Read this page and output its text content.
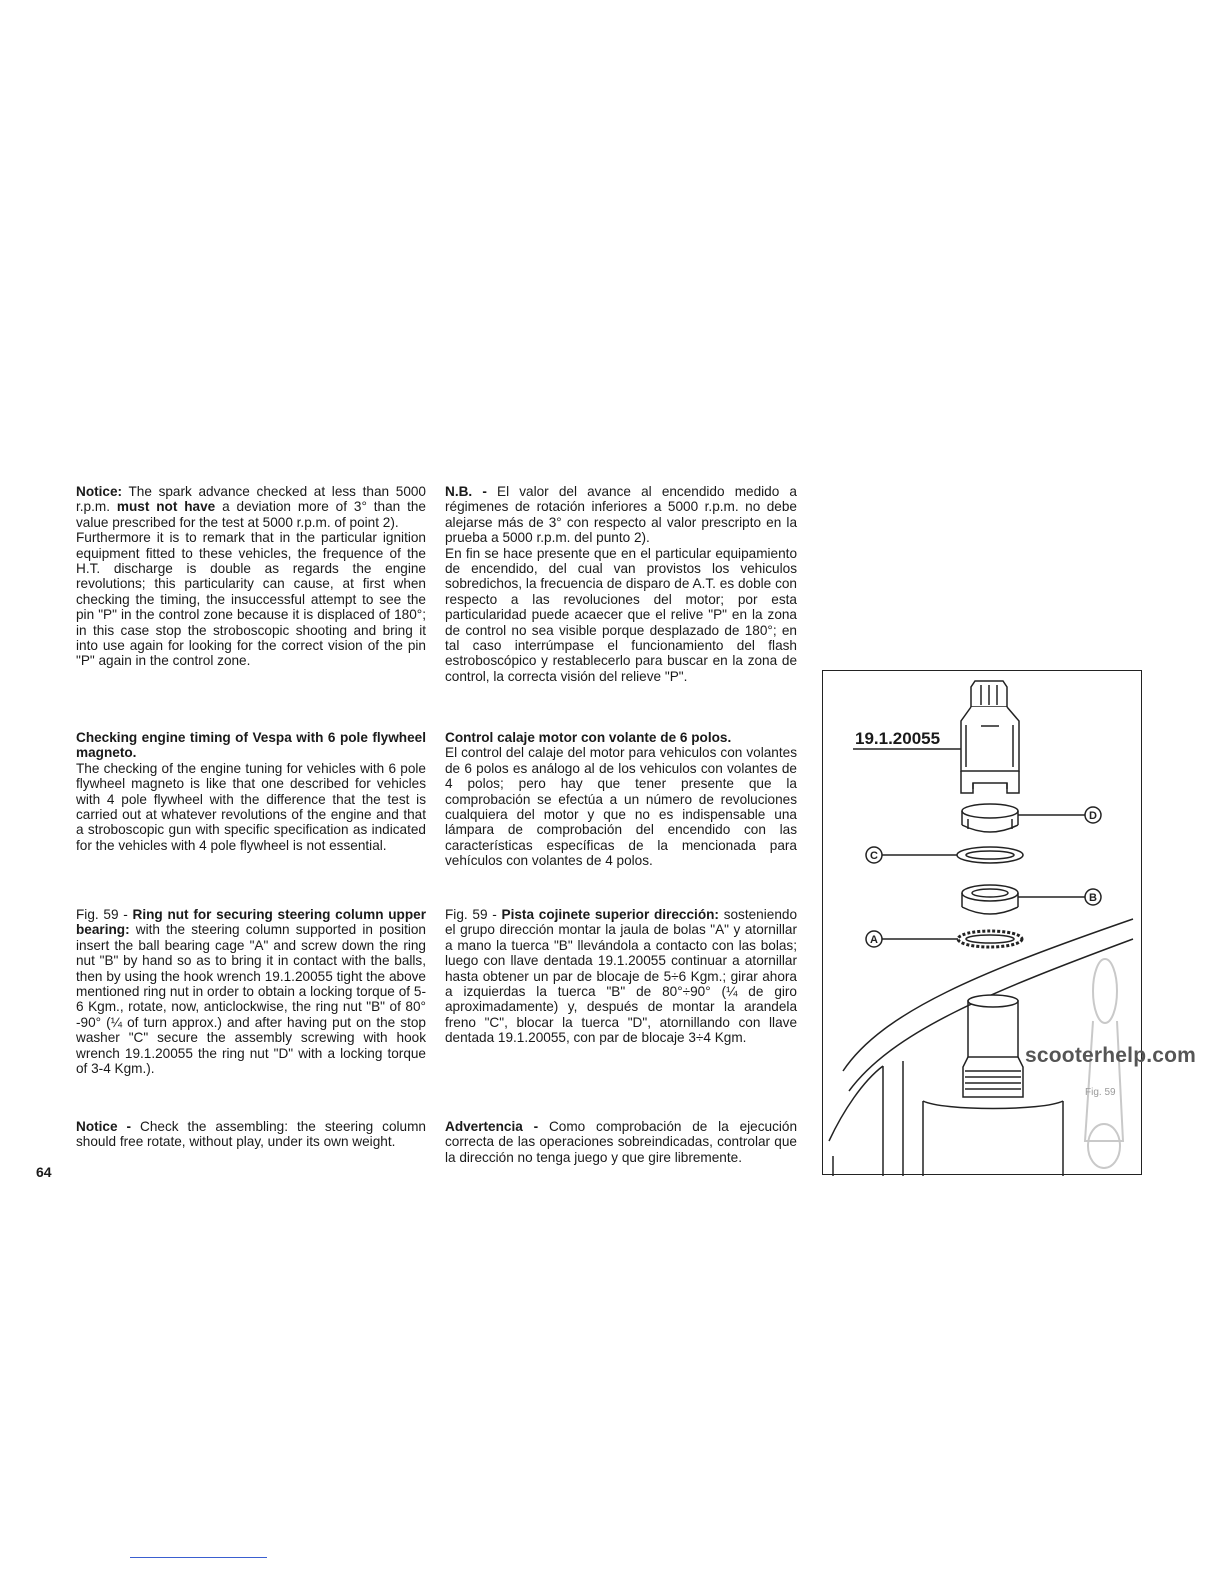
64

Notice: The spark advance checked at less than 5000 r.p.m. must not have a deviation more of 3° than the value prescribed for the test at 5000 r.p.m. of point 2).

Furthermore it is to remark that in the particular ignition equipment fitted to these vehicles, the frequence of the H.T. discharge is double as regards the engine revolutions; this particularity can cause, at first when checking the timing, the insuccessful attempt to see the pin "P" in the control zone because it is displaced of 180°; in this case stop the stroboscopic shooting and bring it into use again for looking for the correct vision of the pin "P" again in the control zone.

Checking engine timing of Vespa with 6 pole flywheel magneto.

The checking of the engine tuning for vehicles with 6 pole flywheel magneto is like that one described for vehicles with 4 pole flywheel with the difference that the test is carried out at whatever revolutions of the engine and that a stroboscopic gun with specific specification as indicated for the vehicles with 4 pole flywheel is not essential.

Fig. 59 - Ring nut for securing steering column upper bearing: with the steering column supported in position insert the ball bearing cage "A" and screw down the ring nut "B" by hand so as to bring it in contact with the balls, then by using the hook wrench 19.1.20055 tight the above mentioned ring nut in order to obtain a locking torque of 5-6 Kgm., rotate, now, anticlockwise, the ring nut "B" of 80° -90° (¼ of turn approx.) and after having put on the stop washer "C" secure the assembly screwing with hook wrench 19.1.20055 the ring nut "D" with a locking torque of 3-4 Kgm.).

Notice - Check the assembling: the steering column should free rotate, without play, under its own weight.

N.B. - El valor del avance al encendido medido a régimenes de rotación inferiores a 5000 r.p.m. no debe alejarse más de 3° con respecto al valor prescripto en la prueba a 5000 r.p.m. del punto 2).

En fin se hace presente que en el particular equipamiento de encendido, del cual van provistos los vehiculos sobredichos, la frecuencia de disparo de A.T. es doble con respecto a las revoluciones del motor; por esta particularidad puede acaecer que el relive "P" en la zona de control no sea visible porque desplazado de 180°; en tal caso interrúmpase el funcionamiento del flash estroboscópico y restablecerlo para buscar en la zona de control, la correcta visión del relieve "P".

Control calaje motor con volante de 6 polos.

El control del calaje del motor para vehiculos con volantes de 6 polos es análogo al de los vehiculos con volantes de 4 polos; pero hay que tener presente que la comprobación se efectúa a un número de revoluciones cualquiera del motor y que no es indispensable una lámpara de comprobación del encendido con las características específicas de la mencionada para vehículos con volantes de 4 polos.

Fig. 59 - Pista cojinete superior dirección: sosteniendo el grupo dirección montar la jaula de bolas "A" y atornillar a mano la tuerca "B" llevándola a contacto con las bolas; luego con llave dentada 19.1.20055 continuar a atornillar hasta obtener un par de blocaje de 5÷6 Kgm.; girar ahora a izquierdas la tuerca "B" de 80°÷90° (¼ de giro aproximadamente) y, después de montar la arandela freno "C", blocar la tuerca "D", atornillando con llave dentada 19.1.20055, con par de blocaje 3÷4 Kgm.

Advertencia - Como comprobación de la ejecución correcta de las operaciones sobreindicadas, controlar que la dirección no tenga juego y que gire libremente.

D
C
B
A
19.1.20055
scooterhelp.com
Fig. 59
